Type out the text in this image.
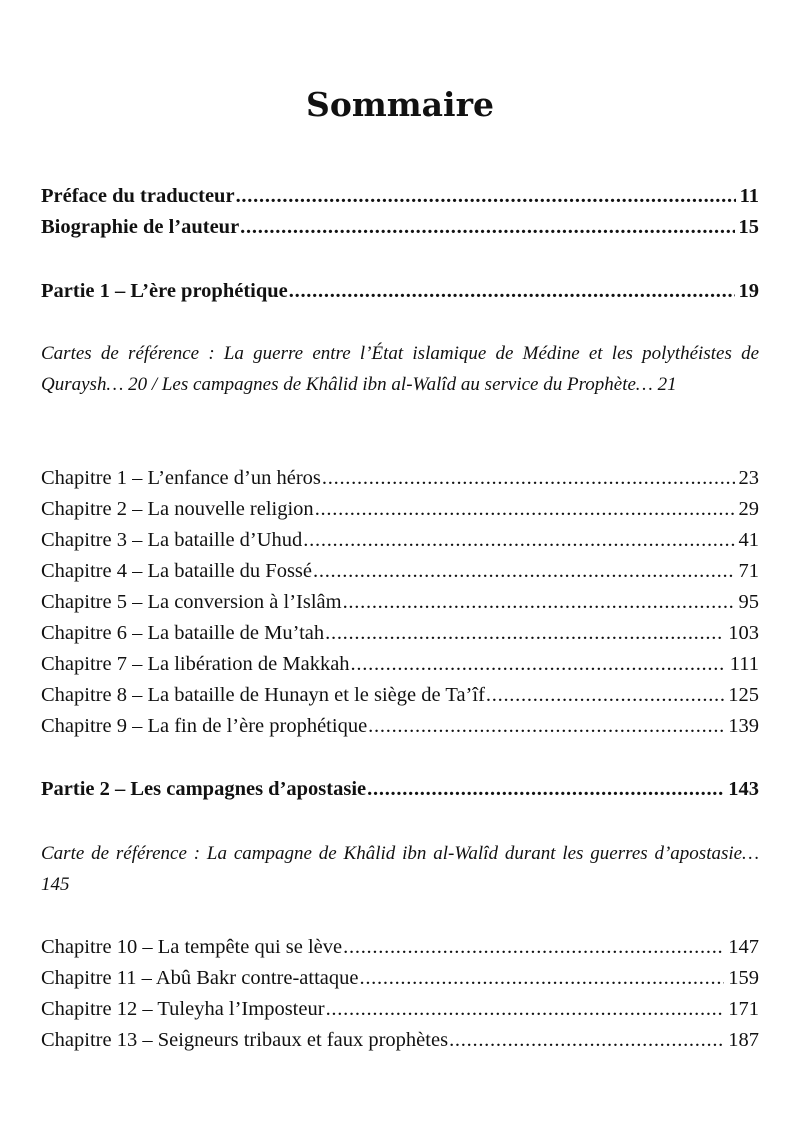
Sommaire
Préface du traducteur . . .	11
Biographie de l’auteur . . .	15
Partie 1 – L’ère prophétique . . .	19
Cartes de référence : La guerre entre l’État islamique de Médine et les polythéistes de Quraysh… 20 / Les campagnes de Khâlid ibn al-Walîd au service du Prophète… 21
Chapitre 1 – L’enfance d’un héros . . .	23
Chapitre 2 – La nouvelle religion . . .	29
Chapitre 3 – La bataille d’Uhud . . .	41
Chapitre 4 – La bataille du Fossé . . .	71
Chapitre 5 – La conversion à l’Islâm . . .	95
Chapitre 6 – La bataille de Mu’tah . . .	103
Chapitre 7 – La libération de Makkah . . .	111
Chapitre 8 – La bataille de Hunayn et le siège de Ta’îf . . .	125
Chapitre 9 – La fin de l’ère prophétique . . .	139
Partie 2 – Les campagnes d’apostasie . . .	143
Carte de référence : La campagne de Khâlid ibn al-Walîd durant les guerres d’apostasie… 145
Chapitre 10 – La tempête qui se lève . . .	147
Chapitre 11 – Abû Bakr contre-attaque . . .	159
Chapitre 12 – Tuleyha l’Imposteur . . .	171
Chapitre 13 – Seigneurs tribaux et faux prophètes . . .	187
